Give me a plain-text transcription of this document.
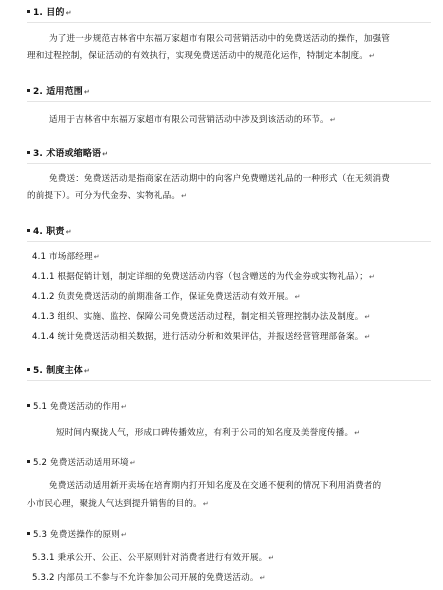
1. 目的↵
为了进一步规范吉林省中东福万家超市有限公司营销活动中的免费送活动的操作，加强管
理和过程控制，保证活动的有效执行，实现免费送活动中的规范化运作，特制定本制度。↵
2. 适用范围↵
适用于吉林省中东福万家超市有限公司营销活动中涉及到该活动的环节。↵
3. 术语或缩略语↵
免费送：免费送活动是指商家在活动期中的向客户免费赠送礼品的一种形式（在无须消费
的前提下）。可分为代金券、实物礼品。↵
4. 职责↵
4.1 市场部经理↵
4.1.1 根据促销计划，制定详细的免费送活动内容（包含赠送的为代金券或实物礼品）；↵
4.1.2 负责免费送活动的前期准备工作，保证免费送活动有效开展。↵
4.1.3 组织、实施、监控、保障公司免费送活动过程，制定相关管理控制办法及制度。↵
4.1.4 统计免费送活动相关数据，进行活动分析和效果评估，并报送经营管理部备案。↵
5. 制度主体↵
5.1 免费送活动的作用↵
短时间内聚拢人气，形成口碑传播效应，有利于公司的知名度及美誉度传播。↵
5.2 免费送活动适用环境↵
免费送活动适用新开卖场在培育期内打开知名度及在交通不便利的情况下利用消费者的
小市民心理，聚拢人气达到提升销售的目的。↵
5.3 免费送操作的原则↵
5.3.1 秉承公开、公正、公平原则针对消费者进行有效开展。↵
5.3.2 内部员工不参与不允许参加公司开展的免费送活动。↵
